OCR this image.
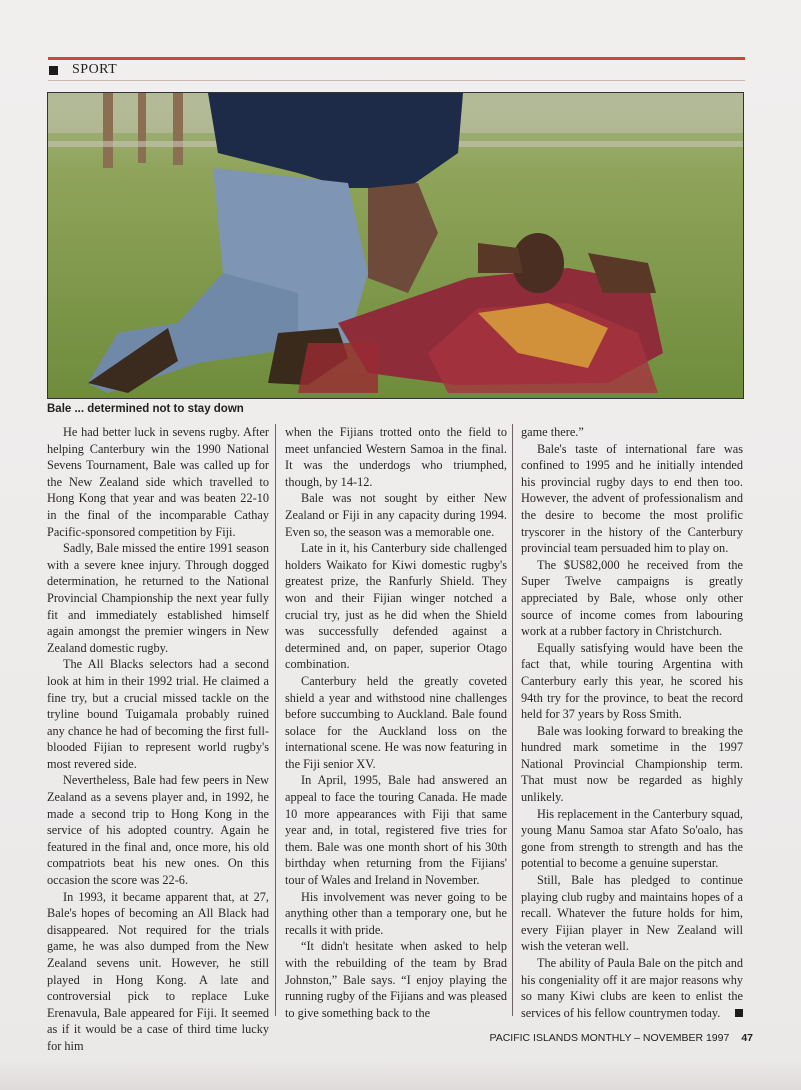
SPORT
Bale ... determined not to stay down

He had better luck in sevens rugby. After helping Canterbury win the 1990 National Sevens Tournament, Bale was called up for the New Zealand side which travelled to Hong Kong that year and was beaten 22-10 in the final of the incomparable Cathay Pacific-sponsored competition by Fiji.

Sadly, Bale missed the entire 1991 season with a severe knee injury. Through dogged determination, he returned to the National Provincial Championship the next year fully fit and immediately established himself again amongst the premier wingers in New Zealand domestic rugby.

The All Blacks selectors had a second look at him in their 1992 trial. He claimed a fine try, but a crucial missed tackle on the tryline bound Tuigamala probably ruined any chance he had of becoming the first full-blooded Fijian to represent world rugby's most revered side.

Nevertheless, Bale had few peers in New Zealand as a sevens player and, in 1992, he made a second trip to Hong Kong in the service of his adopted country. Again he featured in the final and, once more, his old compatriots beat his new ones. On this occasion the score was 22-6.

In 1993, it became apparent that, at 27, Bale's hopes of becoming an All Black had disappeared. Not required for the trials game, he was also dumped from the New Zealand sevens unit. However, he still played in Hong Kong. A late and controversial pick to replace Luke Erenavula, Bale appeared for Fiji. It seemed as if it would be a case of third time lucky for him

when the Fijians trotted onto the field to meet unfancied Western Samoa in the final. It was the underdogs who triumphed, though, by 14-12.

Bale was not sought by either New Zealand or Fiji in any capacity during 1994. Even so, the season was a memorable one.

Late in it, his Canterbury side challenged holders Waikato for Kiwi domestic rugby's greatest prize, the Ranfurly Shield. They won and their Fijian winger notched a crucial try, just as he did when the Shield was successfully defended against a determined and, on paper, superior Otago combination.

Canterbury held the greatly coveted shield a year and withstood nine challenges before succumbing to Auckland. Bale found solace for the Auckland loss on the international scene. He was now featuring in the Fiji senior XV.

In April, 1995, Bale had answered an appeal to face the touring Canada. He made 10 more appearances with Fiji that same year and, in total, registered five tries for them. Bale was one month short of his 30th birthday when returning from the Fijians' tour of Wales and Ireland in November.

His involvement was never going to be anything other than a temporary one, but he recalls it with pride.

“It didn't hesitate when asked to help with the rebuilding of the team by Brad Johnston,” Bale says. “I enjoy playing the running rugby of the Fijians and was pleased to give something back to the

game there.”

Bale's taste of international fare was confined to 1995 and he initially intended his provincial rugby days to end then too. However, the advent of professionalism and the desire to become the most prolific tryscorer in the history of the Canterbury provincial team persuaded him to play on.

The $US82,000 he received from the Super Twelve campaigns is greatly appreciated by Bale, whose only other source of income comes from labouring work at a rubber factory in Christchurch.

Equally satisfying would have been the fact that, while touring Argentina with Canterbury early this year, he scored his 94th try for the province, to beat the record held for 37 years by Ross Smith.

Bale was looking forward to breaking the hundred mark sometime in the 1997 National Provincial Championship term. That must now be regarded as highly unlikely.

His replacement in the Canterbury squad, young Manu Samoa star Afato So'oalo, has gone from strength to strength and has the potential to become a genuine superstar.

Still, Bale has pledged to continue playing club rugby and maintains hopes of a recall. Whatever the future holds for him, every Fijian player in New Zealand will wish the veteran well.

The ability of Paula Bale on the pitch and his congeniality off it are major reasons why so many Kiwi clubs are keen to enlist the services of his fellow countrymen today.

PACIFIC ISLANDS MONTHLY – NOVEMBER 1997 47
